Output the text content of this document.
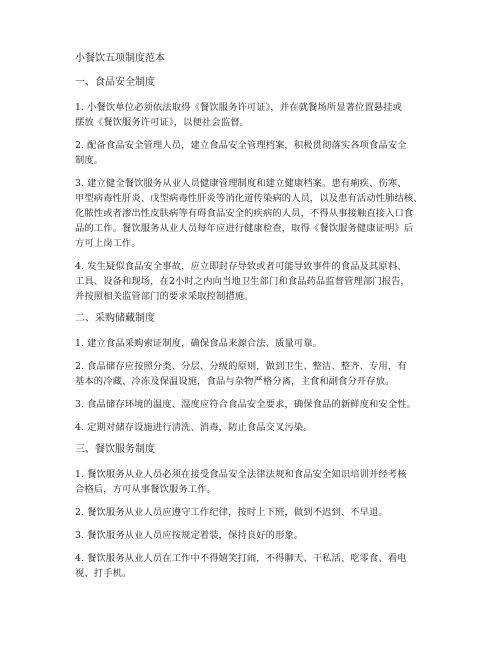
小餐饮五项制度范本
一、食品安全制度
1. 小餐饮单位必须依法取得《餐饮服务许可证》，并在就餐场所显著位置悬挂或
摆放《餐饮服务许可证》，以便社会监督。
2. 配备食品安全管理人员，建立食品安全管理档案，积极贯彻落实各项食品安全
制度。
3. 建立健全餐饮服务从业人员健康管理制度和建立健康档案。患有痢疾、伤寒、
甲型病毒性肝炎、戊型病毒性肝炎等消化道传染病的人员，以及患有活动性肺结核、
化脓性或者渗出性皮肤病等有碍食品安全的疾病的人员，不得从事接触直接入口食
品的工作。餐饮服务从业人员每年应进行健康检查，取得《餐饮服务健康证明》后
方可上岗工作。
4. 发生疑似食品安全事故，应立即封存导致或者可能导致事件的食品及其原料、
工具、设备和现场，在2小时之内向当地卫生部门和食品药品监督管理部门报告，
并按照相关监管部门的要求采取控制措施。
二、采购储藏制度
1. 建立食品采购索证制度，确保食品来源合法、质量可靠。
2. 食品储存应按照分类、分层、分级的原则，做到卫生、整洁、整齐、专用，有
基本的冷藏、冷冻及保温设施，食品与杂物严格分离，主食和副食分开存放。
3. 食品储存环境的温度、湿度应符合食品安全要求，确保食品的新鲜度和安全性。
4. 定期对储存设施进行清洗、消毒，防止食品交叉污染。
三、餐饮服务制度
1. 餐饮服务从业人员必须在接受食品安全法律法规和食品安全知识培训并经考核
合格后，方可从事餐饮服务工作。
2. 餐饮服务从业人员应遵守工作纪律，按时上下班，做到不迟到、不早退。
3. 餐饮服务从业人员应按规定着装，保持良好的形象。
4. 餐饮服务从业人员在工作中不得嬉笑打闹，不得聊天、干私活、吃零食、看电
视、打手机。
